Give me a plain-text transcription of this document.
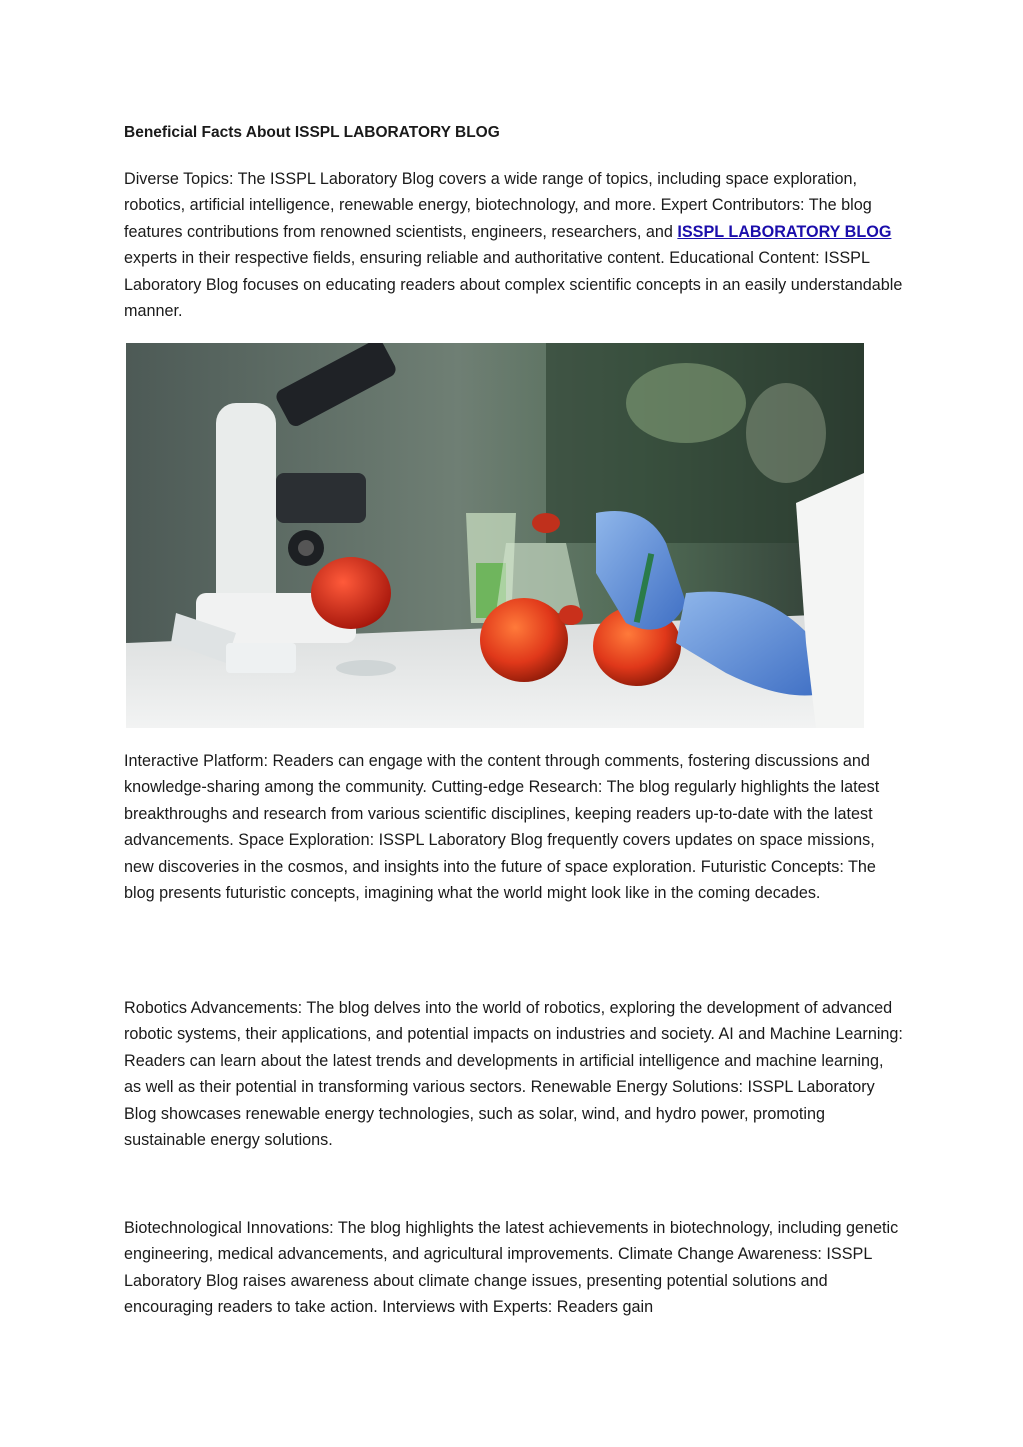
Beneficial Facts About ISSPL LABORATORY BLOG

Diverse Topics: The ISSPL Laboratory Blog covers a wide range of topics, including space exploration, robotics, artificial intelligence, renewable energy, biotechnology, and more. Expert Contributors: The blog features contributions from renowned scientists, engineers, researchers, and ISSPL LABORATORY BLOG experts in their respective fields, ensuring reliable and authoritative content. Educational Content: ISSPL Laboratory Blog focuses on educating readers about complex scientific concepts in an easily understandable manner.

Interactive Platform: Readers can engage with the content through comments, fostering discussions and knowledge-sharing among the community. Cutting-edge Research: The blog regularly highlights the latest breakthroughs and research from various scientific disciplines, keeping readers up-to-date with the latest advancements. Space Exploration: ISSPL Laboratory Blog frequently covers updates on space missions, new discoveries in the cosmos, and insights into the future of space exploration. Futuristic Concepts: The blog presents futuristic concepts, imagining what the world might look like in the coming decades.

Robotics Advancements: The blog delves into the world of robotics, exploring the development of advanced robotic systems, their applications, and potential impacts on industries and society. AI and Machine Learning: Readers can learn about the latest trends and developments in artificial intelligence and machine learning, as well as their potential in transforming various sectors. Renewable Energy Solutions: ISSPL Laboratory Blog showcases renewable energy technologies, such as solar, wind, and hydro power, promoting sustainable energy solutions.

Biotechnological Innovations: The blog highlights the latest achievements in biotechnology, including genetic engineering, medical advancements, and agricultural improvements. Climate Change Awareness: ISSPL Laboratory Blog raises awareness about climate change issues, presenting potential solutions and encouraging readers to take action. Interviews with Experts: Readers gain
